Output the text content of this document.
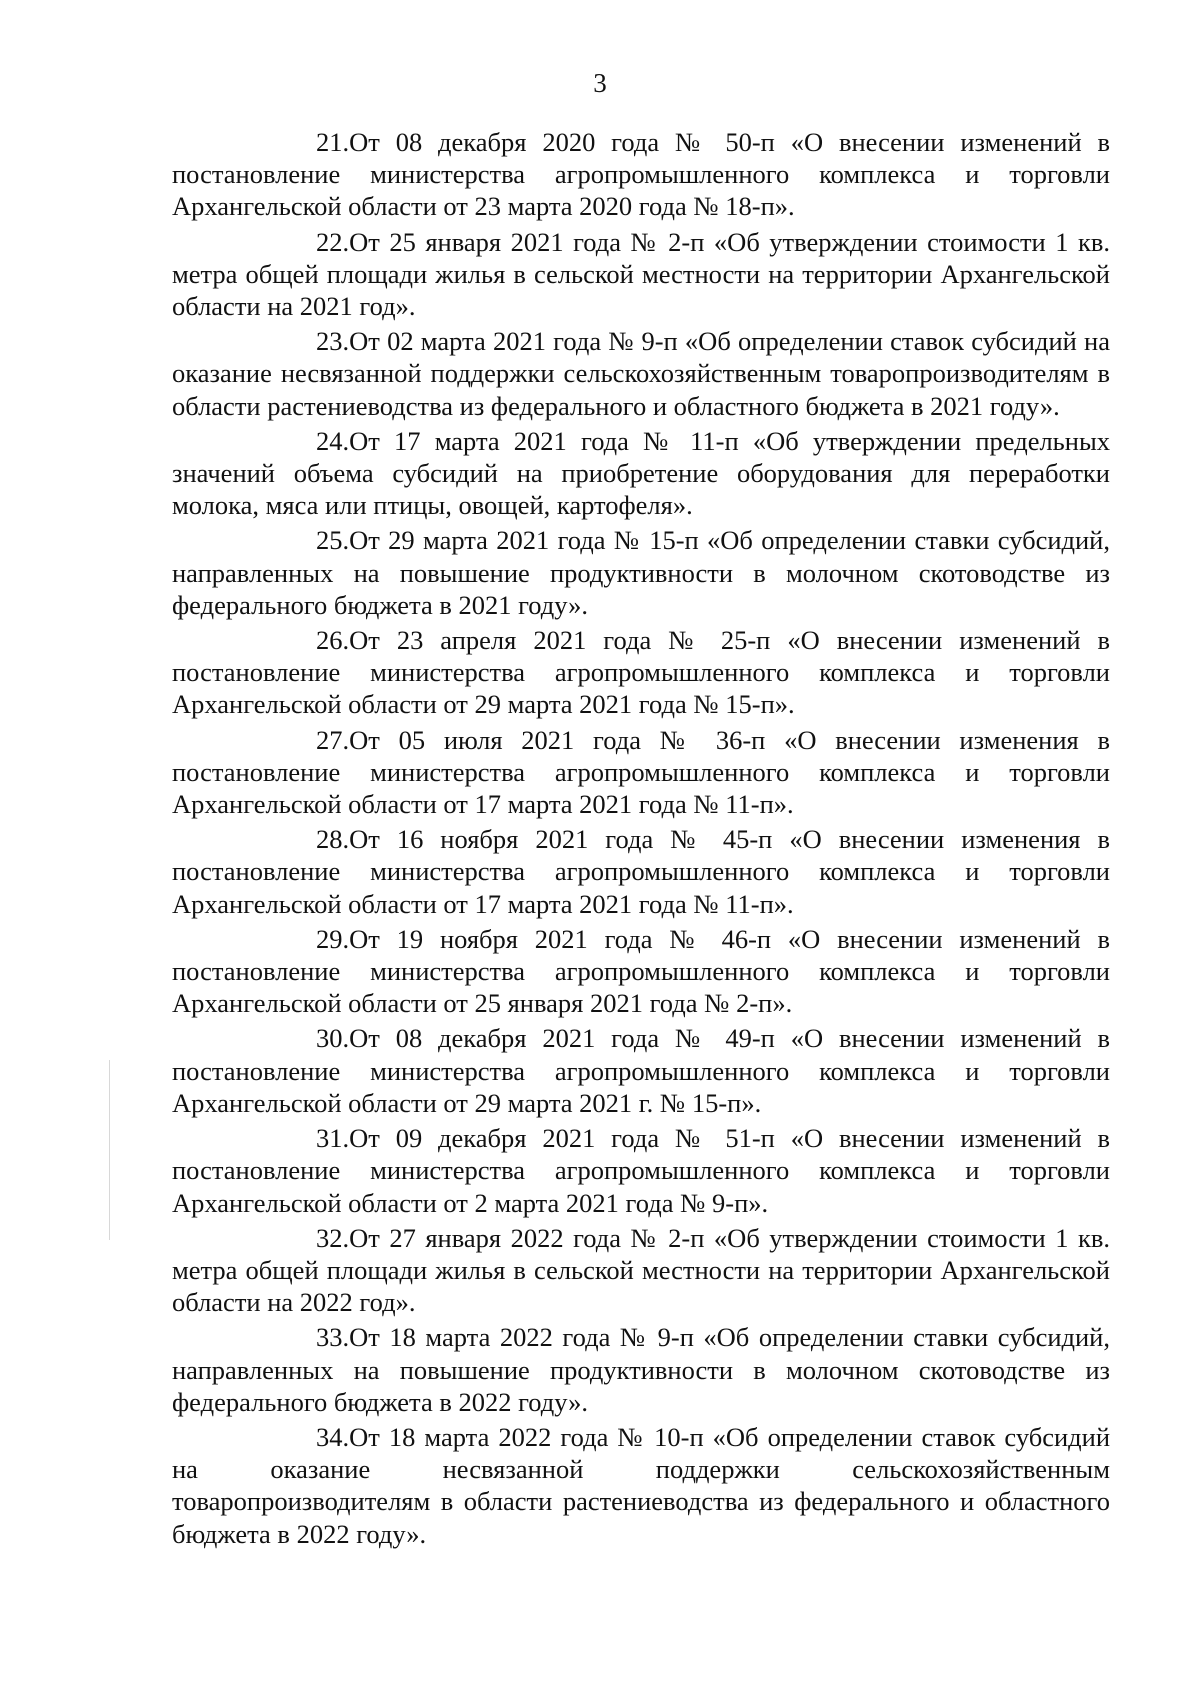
3

21.От 08 декабря 2020 года № 50-п «О внесении изменений в постановление министерства агропромышленного комплекса и торговли Архангельской области от 23 марта 2020 года № 18-п».

22.От 25 января 2021 года № 2-п «Об утверждении стоимости 1 кв. метра общей площади жилья в сельской местности на территории Архангельской области на 2021 год».

23.От 02 марта 2021 года № 9-п «Об определении ставок субсидий на оказание несвязанной поддержки сельскохозяйственным товаропроизводителям в области растениеводства из федерального и областного бюджета в 2021 году».

24.От 17 марта 2021 года № 11-п «Об утверждении предельных значений объема субсидий на приобретение оборудования для переработки молока, мяса или птицы, овощей, картофеля».

25.От 29 марта 2021 года № 15-п «Об определении ставки субсидий, направленных на повышение продуктивности в молочном скотоводстве из федерального бюджета в 2021 году».

26.От 23 апреля 2021 года № 25-п «О внесении изменений в постановление министерства агропромышленного комплекса и торговли Архангельской области от 29 марта 2021 года № 15-п».

27.От 05 июля 2021 года № 36-п «О внесении изменения в постановление министерства агропромышленного комплекса и торговли Архангельской области от 17 марта 2021 года № 11-п».

28.От 16 ноября 2021 года № 45-п «О внесении изменения в постановление министерства агропромышленного комплекса и торговли Архангельской области от 17 марта 2021 года № 11-п».

29.От 19 ноября 2021 года № 46-п «О внесении изменений в постановление министерства агропромышленного комплекса и торговли Архангельской области от 25 января 2021 года № 2-п».

30.От 08 декабря 2021 года № 49-п «О внесении изменений в постановление министерства агропромышленного комплекса и торговли Архангельской области от 29 марта 2021 г. № 15-п».

31.От 09 декабря 2021 года № 51-п «О внесении изменений в постановление министерства агропромышленного комплекса и торговли Архангельской области от 2 марта 2021 года № 9-п».

32.От 27 января 2022 года № 2-п «Об утверждении стоимости 1 кв. метра общей площади жилья в сельской местности на территории Архангельской области на 2022 год».

33.От 18 марта 2022 года № 9-п «Об определении ставки субсидий, направленных на повышение продуктивности в молочном скотоводстве из федерального бюджета в 2022 году».

34.От 18 марта 2022 года № 10-п «Об определении ставок субсидий на оказание несвязанной поддержки сельскохозяйственным товаропроизводителям в области растениеводства из федерального и областного бюджета в 2022 году».
